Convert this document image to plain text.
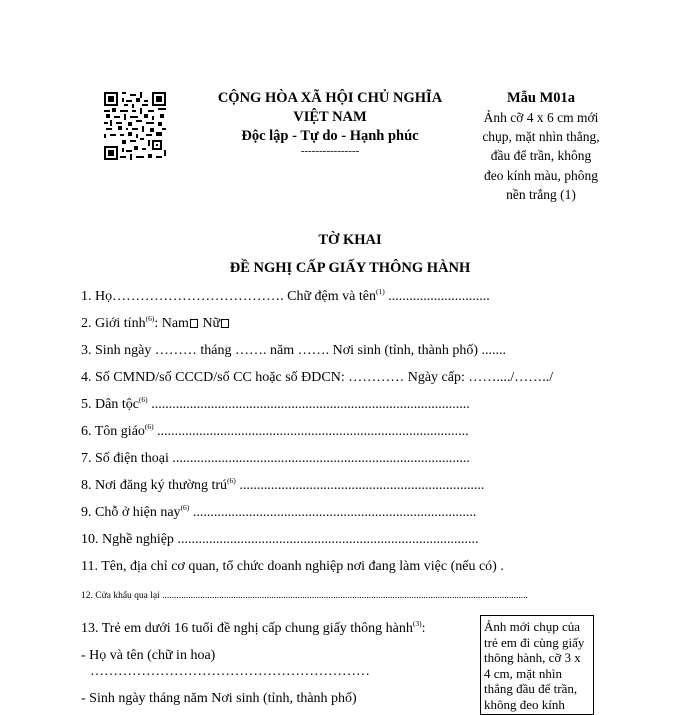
CỘNG HÒA XÃ HỘI CHỦ NGHĨA
VIỆT NAM
Độc lập - Tự do - Hạnh phúc
----------------
Mẫu M01a
Ảnh cỡ 4 x 6 cm mới chụp, mặt nhìn thẳng, đầu để trần, không đeo kính màu, phông nền trắng (1)
TỜ KHAI
ĐỀ NGHỊ CẤP GIẤY THÔNG HÀNH
1. Họ………………………………. Chữ đệm và tên$^{(1)}$ .............................
2. Giới tính$^{(6)}$: Nam Nữ
3. Sinh ngày ……… tháng ……. năm ……. Nơi sinh (tỉnh, thành phố) .......
4. Số CMND/số CCCD/số CC hoặc số ĐDCN: ………… Ngày cấp: ……..../……../
5. Dân tộc$^{(6)}$ ...........................................................................................
6. Tôn giáo$^{(6)}$ .........................................................................................
7. Số điện thoại .....................................................................................
8. Nơi đăng ký thường trú$^{(6)}$ ......................................................................
9. Chỗ ở hiện nay$^{(6)}$ .................................................................................
10. Nghề nghiệp ......................................................................................
11. Tên, địa chỉ cơ quan, tổ chức doanh nghiệp nơi đang làm việc (nếu có) .
12. Cửa khẩu qua lại ..........................................................................................................................................................
13. Trẻ em dưới 16 tuổi đề nghị cấp chung giấy thông hành$^{(3)}$:
- Họ và tên (chữ in hoa)
……………………………………………………
- Sinh ngày tháng năm Nơi sinh (tỉnh, thành phố)
Ảnh mới chụp của trẻ em đi cùng giấy thông hành, cỡ 3 x 4 cm, mặt nhìn thẳng đầu để trần, không đeo kính
